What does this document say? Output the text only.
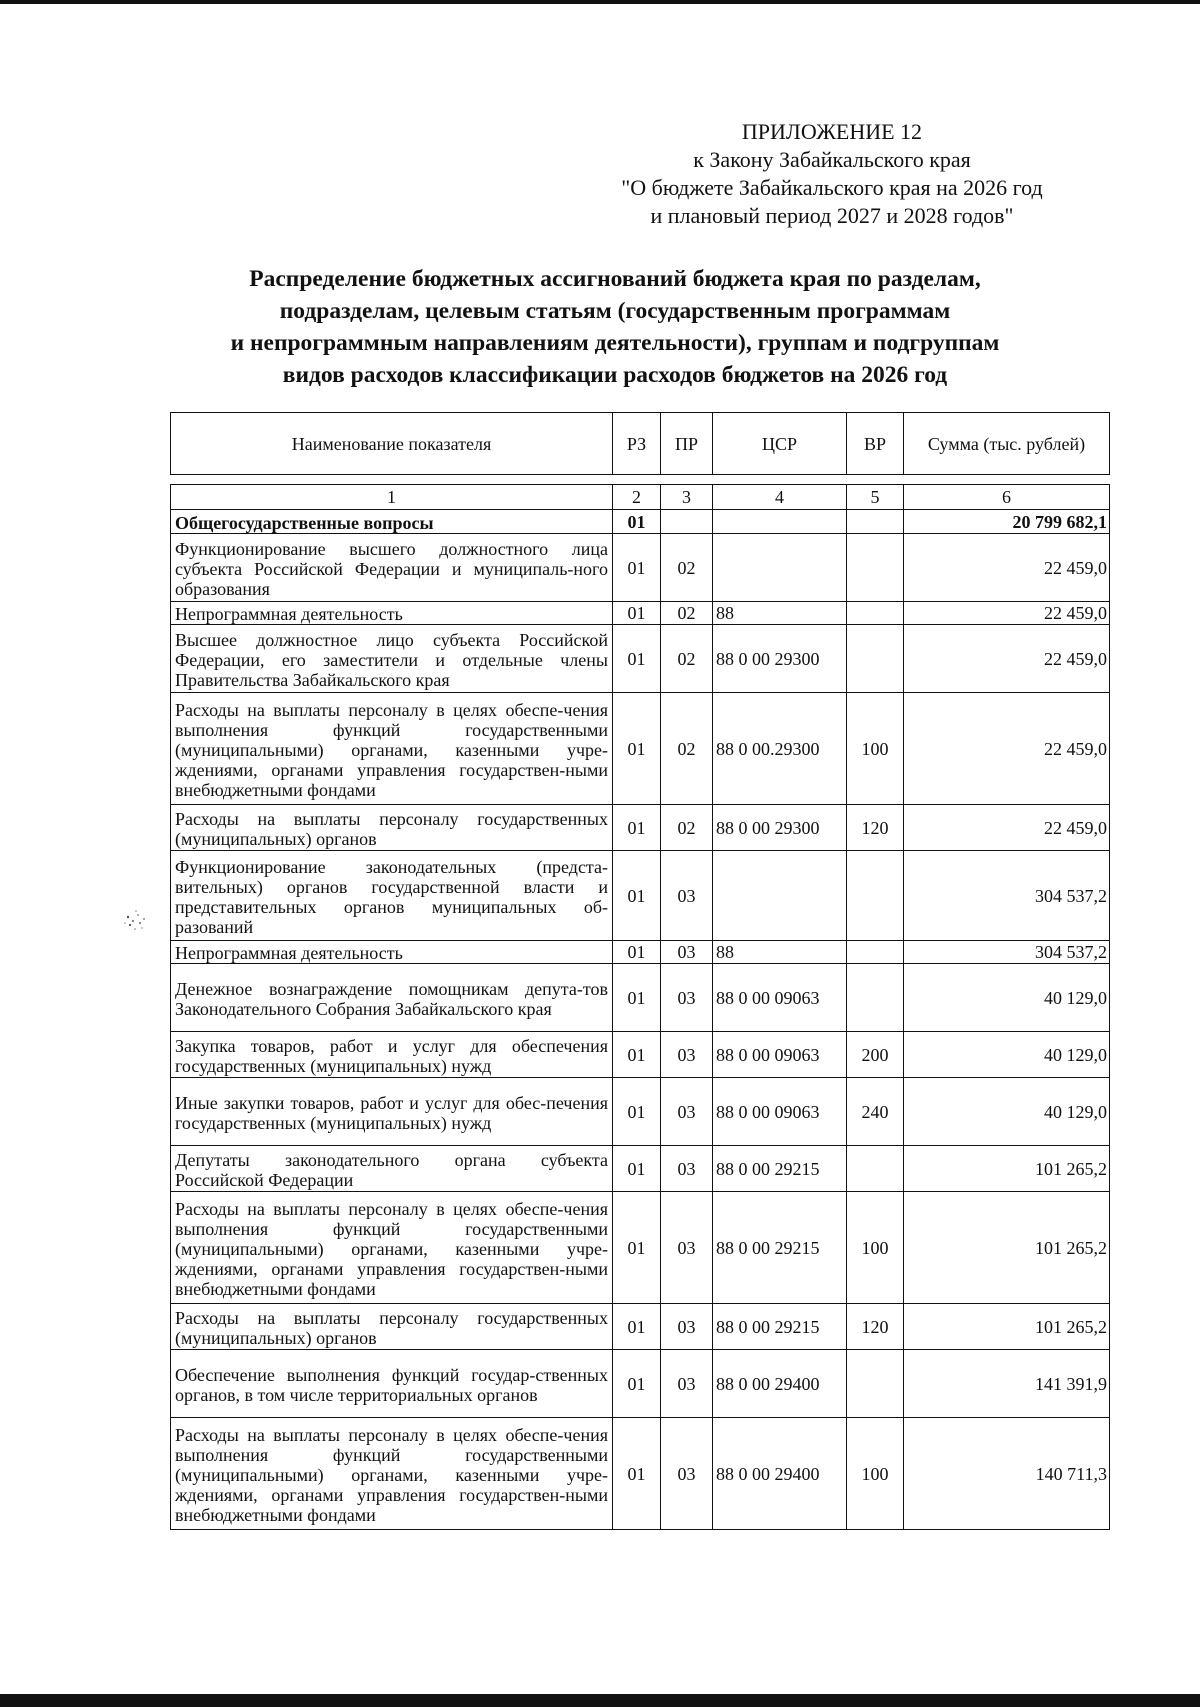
ПРИЛОЖЕНИЕ 12
к Закону Забайкальского края
"О бюджете Забайкальского края на 2026 год
и плановый период 2027 и 2028 годов"
Распределение бюджетных ассигнований бюджета края по разделам,
подразделам, целевым статьям (государственным программам
и непрограммным направлениям деятельности), группам и подгруппам
видов расходов классификации расходов бюджетов на 2026 год
Наименование показателя	РЗ	ПР	ЦСР	ВР	Сумма (тыс. рублей)
1	2	3	4	5	6
Общегосударственные вопросы	01				20 799 682,1
Функционирование высшего должностного лица субъекта Российской Федерации и муниципаль-ного образования	01	02			22 459,0
Непрограммная деятельность	01	02	88		22 459,0
Высшее должностное лицо субъекта Российской Федерации, его заместители и отдельные члены Правительства Забайкальского края	01	02	88 0 00 29300		22 459,0
Расходы на выплаты персоналу в целях обеспе-чения выполнения функций государственными (муниципальными) органами, казенными учре-ждениями, органами управления государствен-ными внебюджетными фондами	01	02	88 0 00.29300	100	22 459,0
Расходы на выплаты персоналу государственных (муниципальных) органов	01	02	88 0 00 29300	120	22 459,0
Функционирование законодательных (предста-вительных) органов государственной власти и представительных органов муниципальных об-разований	01	03			304 537,2
Непрограммная деятельность	01	03	88		304 537,2
Денежное вознаграждение помощникам депута-тов Законодательного Собрания Забайкальского края	01	03	88 0 00 09063		40 129,0
Закупка товаров, работ и услуг для обеспечения государственных (муниципальных) нужд	01	03	88 0 00 09063	200	40 129,0
Иные закупки товаров, работ и услуг для обес-печения государственных (муниципальных) нужд	01	03	88 0 00 09063	240	40 129,0
Депутаты законодательного органа субъекта Российской Федерации	01	03	88 0 00 29215		101 265,2
Расходы на выплаты персоналу в целях обеспе-чения выполнения функций государственными (муниципальными) органами, казенными учре-ждениями, органами управления государствен-ными внебюджетными фондами	01	03	88 0 00 29215	100	101 265,2
Расходы на выплаты персоналу государственных (муниципальных) органов	01	03	88 0 00 29215	120	101 265,2
Обеспечение выполнения функций государ-ственных органов, в том числе территориальных органов	01	03	88 0 00 29400		141 391,9
Расходы на выплаты персоналу в целях обеспе-чения выполнения функций государственными (муниципальными) органами, казенными учре-ждениями, органами управления государствен-ными внебюджетными фондами	01	03	88 0 00 29400	100	140 711,3
